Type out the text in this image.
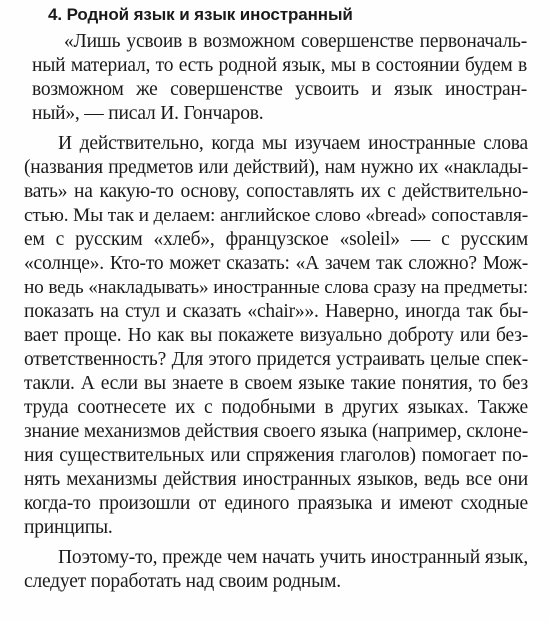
4. Родной язык и язык иностранный
«Лишь усвоив в возможном совершенстве первоначаль-
ный материал, то есть родной язык, мы в состоянии будем в
возможном же совершенстве усвоить и язык иностран-
ный», — писал И. Гончаров.
И действительно, когда мы изучаем иностранные слова
(названия предметов или действий), нам нужно их «наклады-
вать» на какую-то основу, сопоставлять их с действительно-
стью. Мы так и делаем: английское слово «bread» сопоставля-
ем с русским «хлеб», французское «soleil» — с русским
«солнце». Кто-то может сказать: «А зачем так сложно? Мож-
но ведь «накладывать» иностранные слова сразу на предметы:
показать на стул и сказать «chair»». Наверно, иногда так бы-
вает проще. Но как вы покажете визуально доброту или без-
ответственность? Для этого придется устраивать целые спек-
такли. А если вы знаете в своем языке такие понятия, то без
труда соотнесете их с подобными в других языках. Также
знание механизмов действия своего языка (например, склоне-
ния существительных или спряжения глаголов) помогает по-
нять механизмы действия иностранных языков, ведь все они
когда-то произошли от единого праязыка и имеют сходные
принципы.
Поэтому-то, прежде чем начать учить иностранный язык,
следует поработать над своим родным.
